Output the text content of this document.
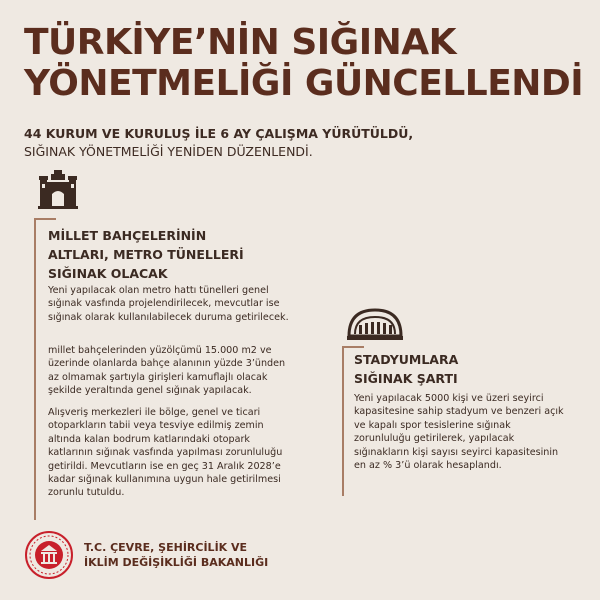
TÜRKİYE’NİN SIĞINAK
YÖNETMELİĞİ GÜNCELLENDİ
44 KURUM VE KURULUŞ İLE 6 AY ÇALIŞMA YÜRÜTÜLDÜ,
SIĞINAK YÖNETMELİĞİ YENİDEN DÜZENLENDİ.
MİLLET BAHÇELERİNİN
ALTLARI, METRO TÜNELLERİ
SIĞINAK OLACAK

Yeni yapılacak olan metro hattı tünelleri genel
sığınak vasfında projelendirilecek, mevcutlar ise
sığınak olarak kullanılabilecek duruma getirilecek.

millet bahçelerinden yüzölçümü 15.000 m2 ve
üzerinde olanlarda bahçe alanının yüzde 3’ünden
az olmamak şartıyla girişleri kamuflajlı olacak
şekilde yeraltında genel sığınak yapılacak.

Alışveriş merkezleri ile bölge, genel ve ticari
otoparkların tabii veya tesviye edilmiş zemin
altında kalan bodrum katlarındaki otopark
katlarının sığınak vasfında yapılması zorunluluğu
getirildi. Mevcutların ise en geç 31 Aralık 2028’e
kadar sığınak kullanımına uygun hale getirilmesi
zorunlu tutuldu.

STADYUMLARA
SIĞINAK ŞARTI

Yeni yapılacak 5000 kişi ve üzeri seyirci
kapasitesine sahip stadyum ve benzeri açık
ve kapalı spor tesislerine sığınak
zorunluluğu getirilerek, yapılacak
sığınakların kişi sayısı seyirci kapasitesinin
en az % 3’ü olarak hesaplandı.

T.C. ÇEVRE, ŞEHİRCİLİK VE
İKLİM DEĞİŞİKLİĞİ BAKANLIĞI
